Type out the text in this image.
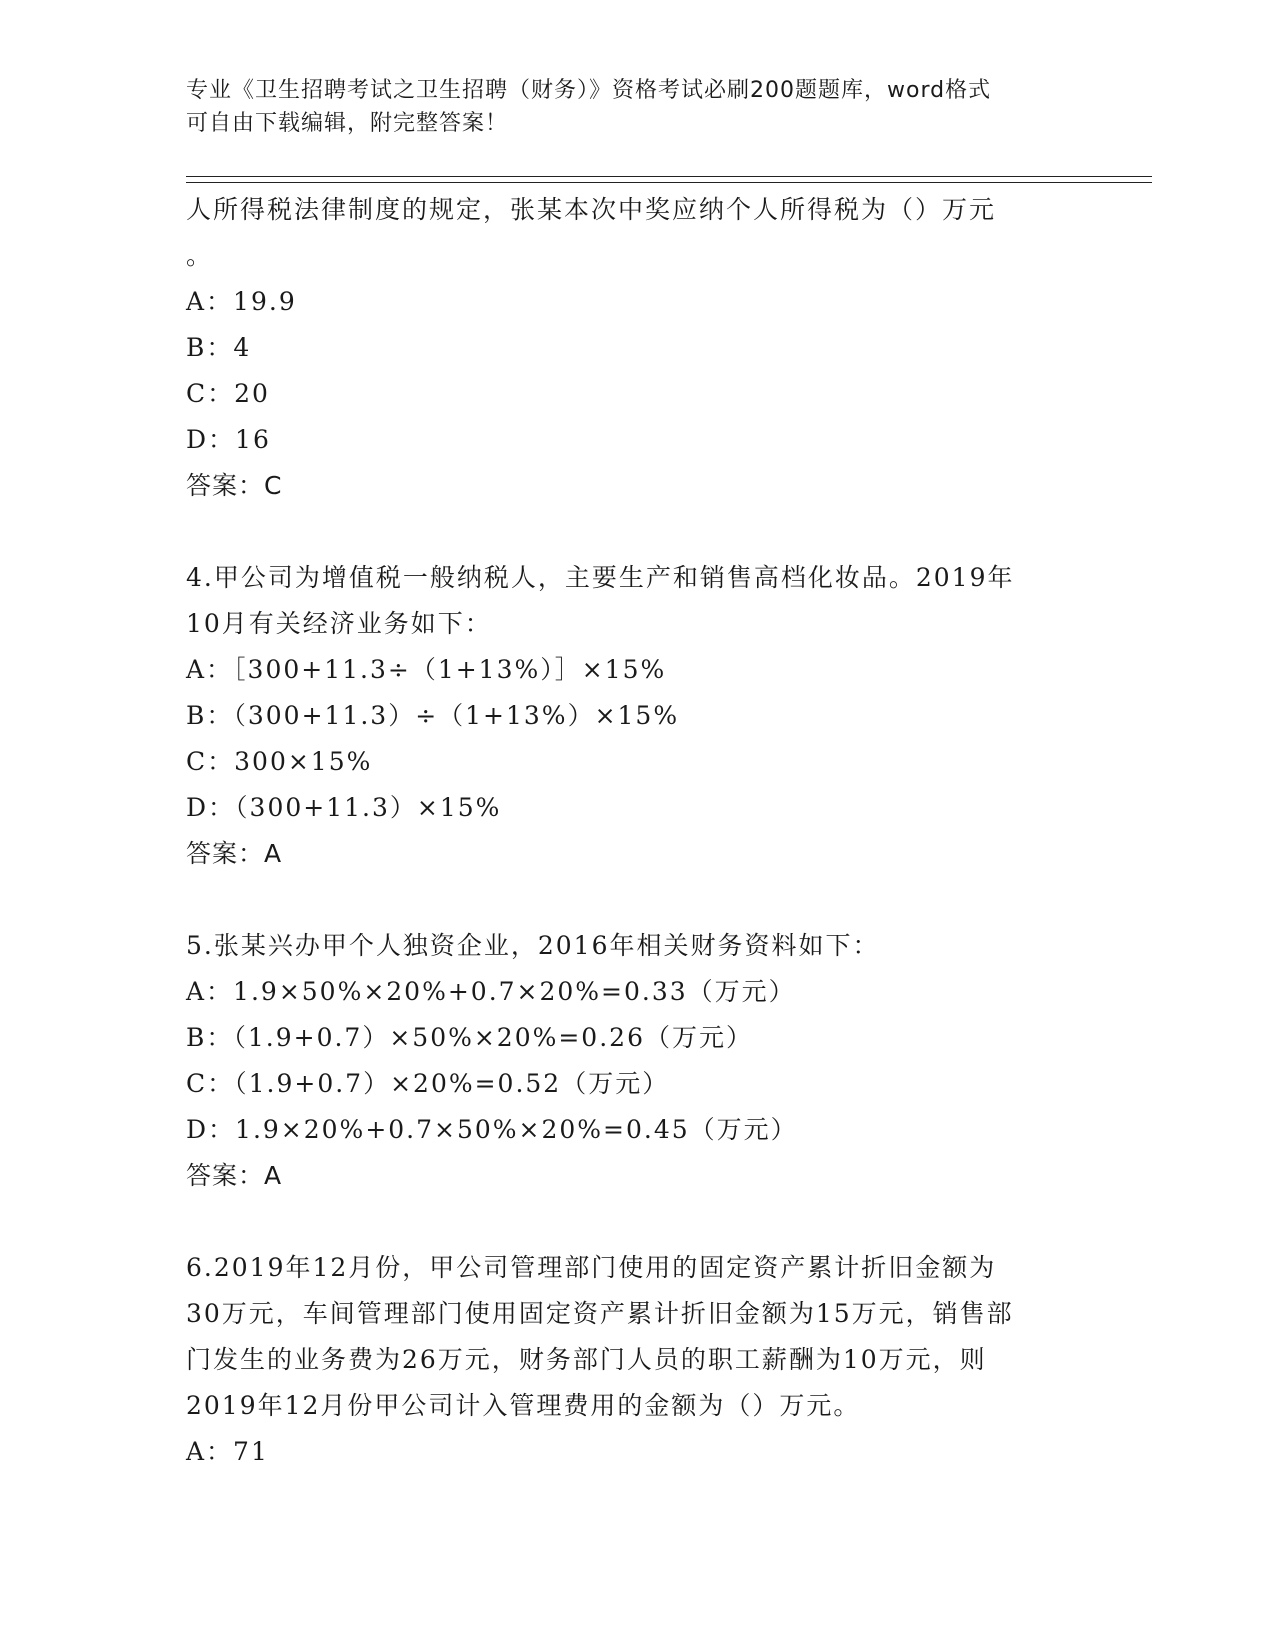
专业《卫生招聘考试之卫生招聘（财务）》资格考试必刷200题题库，word格式
可自由下载编辑，附完整答案！
人所得税法律制度的规定，张某本次中奖应纳个人所得税为（）万元
。
A：19.9
B：4
C：20
D：16
答案：C
4.甲公司为增值税一般纳税人，主要生产和销售高档化妆品。2019年
10月有关经济业务如下：
A：［300+11.3÷（1+13%）］×15%
B：（300+11.3）÷（1+13%）×15%
C：300×15%
D：（300+11.3）×15%
答案：A
5.张某兴办甲个人独资企业，2016年相关财务资料如下：
A：1.9×50%×20%+0.7×20%=0.33（万元）
B：（1.9+0.7）×50%×20%=0.26（万元）
C：（1.9+0.7）×20%=0.52（万元）
D：1.9×20%+0.7×50%×20%=0.45（万元）
答案：A
6.2019年12月份，甲公司管理部门使用的固定资产累计折旧金额为
30万元，车间管理部门使用固定资产累计折旧金额为15万元，销售部
门发生的业务费为26万元，财务部门人员的职工薪酬为10万元，则
2019年12月份甲公司计入管理费用的金额为（）万元。
A：71
